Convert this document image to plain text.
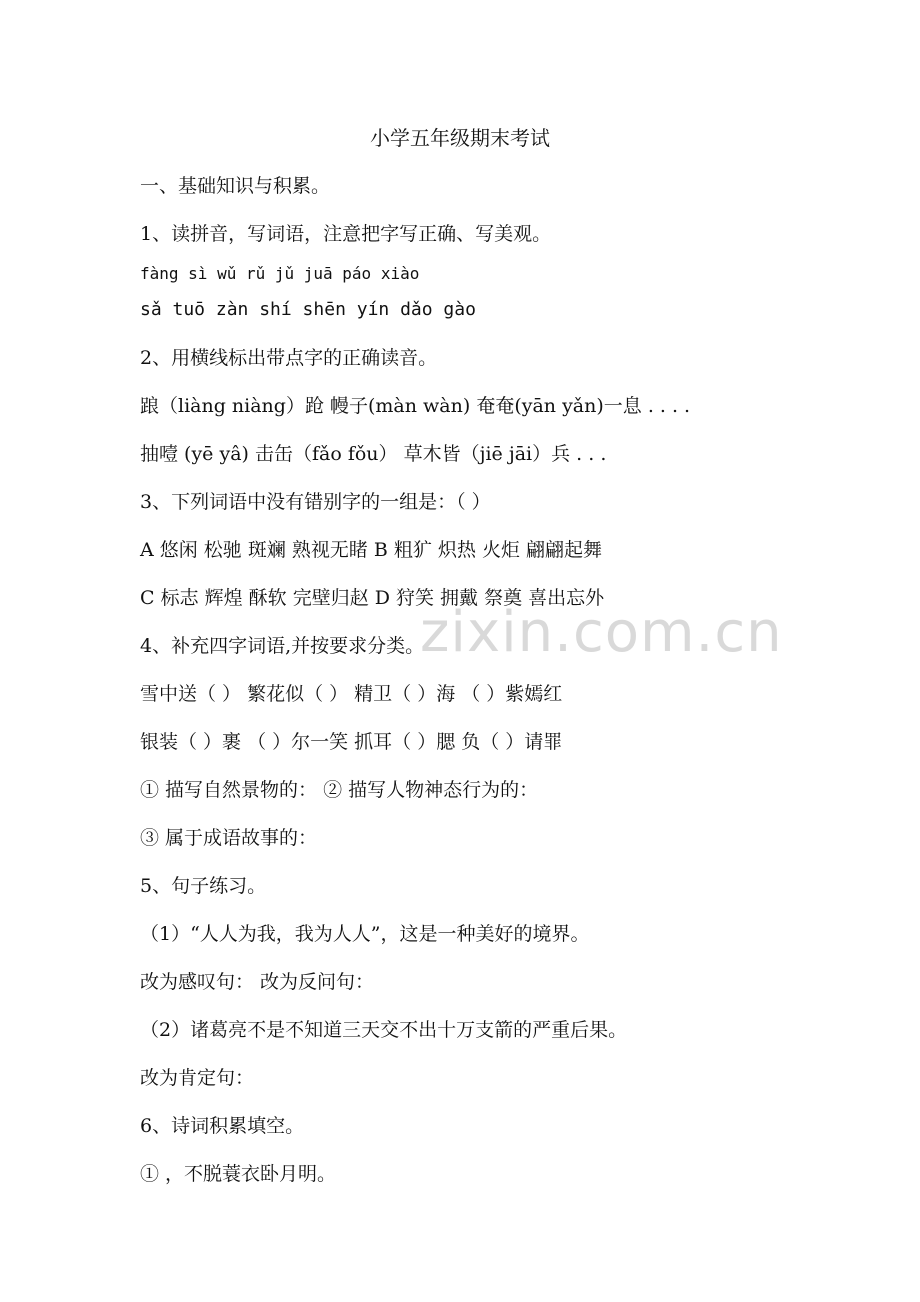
小学五年级期末考试
一、基础知识与积累。
1、读拼音，写词语，注意把字写正确、写美观。
fàng sì wǔ rǔ jǔ juā páo xiào
sǎ tuō zàn shí shēn yín dǎo gào
2、用横线标出带点字的正确读音。
踉（liàng niàng）跄 幔子(màn wàn) 奄奄(yān yǎn)一息 . . . .
抽噎 (yē yâ) 击缶（fǎo fǒu） 草木皆（jiē jāi）兵 . . .
3、下列词语中没有错别字的一组是：（ ）
A 悠闲 松驰 斑斓 熟视无睹 B 粗犷 炽热 火炬 翩翩起舞
C 标志 辉煌 酥软 完壁归赵 D 狩笑 拥戴 祭奠 喜出忘外
4、补充四字词语,并按要求分类。
雪中送（ ） 繁花似（ ） 精卫（ ）海 （ ）紫嫣红
银装（ ）裹 （ ）尔一笑 抓耳（ ）腮 负（ ）请罪
① 描写自然景物的： ② 描写人物神态行为的：
③ 属于成语故事的：
5、句子练习。
（1）“人人为我，我为人人”，这是一种美好的境界。
改为感叹句： 改为反问句：
（2）诸葛亮不是不知道三天交不出十万支箭的严重后果。
改为肯定句：
6、诗词积累填空。
① ，不脱蓑衣卧月明。
zixin.com.cn
